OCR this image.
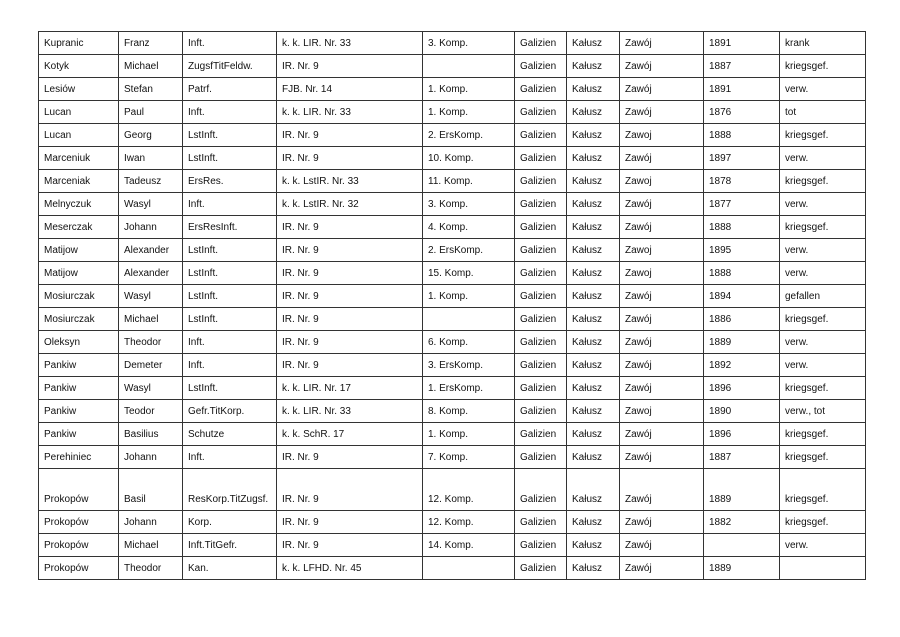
Kupranic	Franz	Inft.	k. k. LIR. Nr. 33	3. Komp.	Galizien	Kałusz	Zawój	1891	krank
Kotyk	Michael	ZugsfTitFeldw.	IR. Nr. 9		Galizien	Kałusz	Zawój	1887	kriegsgef.
Lesiów	Stefan	Patrf.	FJB. Nr. 14	1. Komp.	Galizien	Kałusz	Zawój	1891	verw.
Lucan	Paul	Inft.	k. k. LIR. Nr. 33	1. Komp.	Galizien	Kałusz	Zawój	1876	tot
Lucan	Georg	LstInft.	IR. Nr. 9	2. ErsKomp.	Galizien	Kałusz	Zawoj	1888	kriegsgef.
Marceniuk	Iwan	LstInft.	IR. Nr. 9	10. Komp.	Galizien	Kałusz	Zawój	1897	verw.
Marceniak	Tadeusz	ErsRes.	k. k. LstIR. Nr. 33	11. Komp.	Galizien	Kałusz	Zawoj	1878	kriegsgef.
Melnyczuk	Wasyl	Inft.	k. k. LstIR. Nr. 32	3. Komp.	Galizien	Kałusz	Zawój	1877	verw.
Meserczak	Johann	ErsResInft.	IR. Nr. 9	4. Komp.	Galizien	Kałusz	Zawój	1888	kriegsgef.
Matijow	Alexander	LstInft.	IR. Nr. 9	2. ErsKomp.	Galizien	Kałusz	Zawoj	1895	verw.
Matijow	Alexander	LstInft.	IR. Nr. 9	15. Komp.	Galizien	Kałusz	Zawoj	1888	verw.
Mosiurczak	Wasyl	LstInft.	IR. Nr. 9	1. Komp.	Galizien	Kałusz	Zawój	1894	gefallen
Mosiurczak	Michael	LstInft.	IR. Nr. 9		Galizien	Kałusz	Zawój	1886	kriegsgef.
Oleksyn	Theodor	Inft.	IR. Nr. 9	6. Komp.	Galizien	Kałusz	Zawój	1889	verw.
Pankiw	Demeter	Inft.	IR. Nr. 9	3. ErsKomp.	Galizien	Kałusz	Zawój	1892	verw.
Pankiw	Wasyl	LstInft.	k. k. LIR. Nr. 17	1. ErsKomp.	Galizien	Kałusz	Zawój	1896	kriegsgef.
Pankiw	Teodor	Gefr.TitKorp.	k. k. LIR. Nr. 33	8. Komp.	Galizien	Kałusz	Zawoj	1890	verw., tot
Pankiw	Basilius	Schutze	k. k. SchR. 17	1. Komp.	Galizien	Kałusz	Zawój	1896	kriegsgef.
Perehiniec	Johann	Inft.	IR. Nr. 9	7. Komp.	Galizien	Kałusz	Zawój	1887	kriegsgef.
Prokopów	Basil	ResKorp.TitZugsf.	IR. Nr. 9	12. Komp.	Galizien	Kałusz	Zawój	1889	kriegsgef.
Prokopów	Johann	Korp.	IR. Nr. 9	12. Komp.	Galizien	Kałusz	Zawój	1882	kriegsgef.
Prokopów	Michael	Inft.TitGefr.	IR. Nr. 9	14. Komp.	Galizien	Kałusz	Zawój		verw.
Prokopów	Theodor	Kan.	k. k. LFHD. Nr. 45		Galizien	Kałusz	Zawój	1889	
